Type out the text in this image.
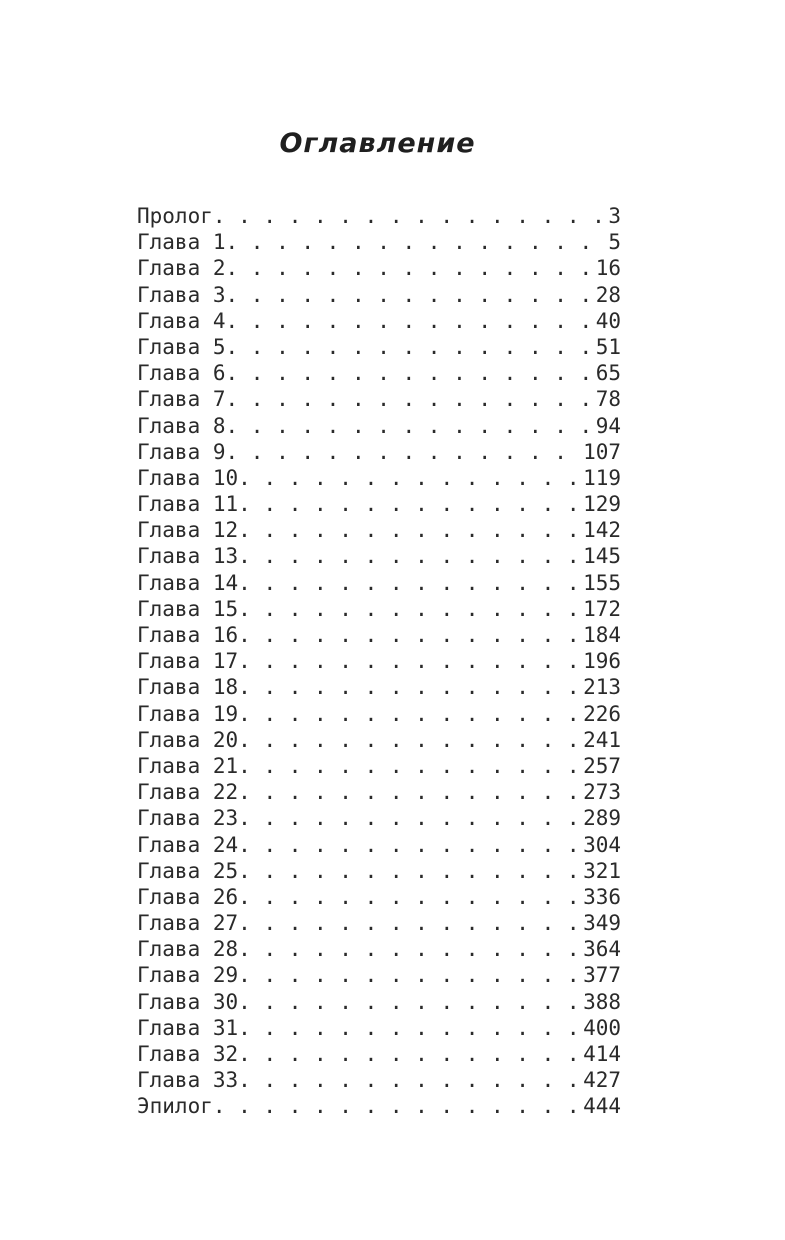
Оглавление
Пролог . . .	3
Глава 1 . . .	5
Глава 2 . . .	16
Глава 3 . . .	28
Глава 4 . . .	40
Глава 5 . . .	51
Глава 6 . . .	65
Глава 7 . . .	78
Глава 8 . . .	94
Глава 9 . . .	107
Глава 10 . . .	119
Глава 11 . . .	129
Глава 12 . . .	142
Глава 13 . . .	145
Глава 14 . . .	155
Глава 15 . . .	172
Глава 16 . . .	184
Глава 17 . . .	196
Глава 18 . . .	213
Глава 19 . . .	226
Глава 20 . . .	241
Глава 21 . . .	257
Глава 22 . . .	273
Глава 23 . . .	289
Глава 24 . . .	304
Глава 25 . . .	321
Глава 26 . . .	336
Глава 27 . . .	349
Глава 28 . . .	364
Глава 29 . . .	377
Глава 30 . . .	388
Глава 31 . . .	400
Глава 32 . . .	414
Глава 33 . . .	427
Эпилог . . .	444
